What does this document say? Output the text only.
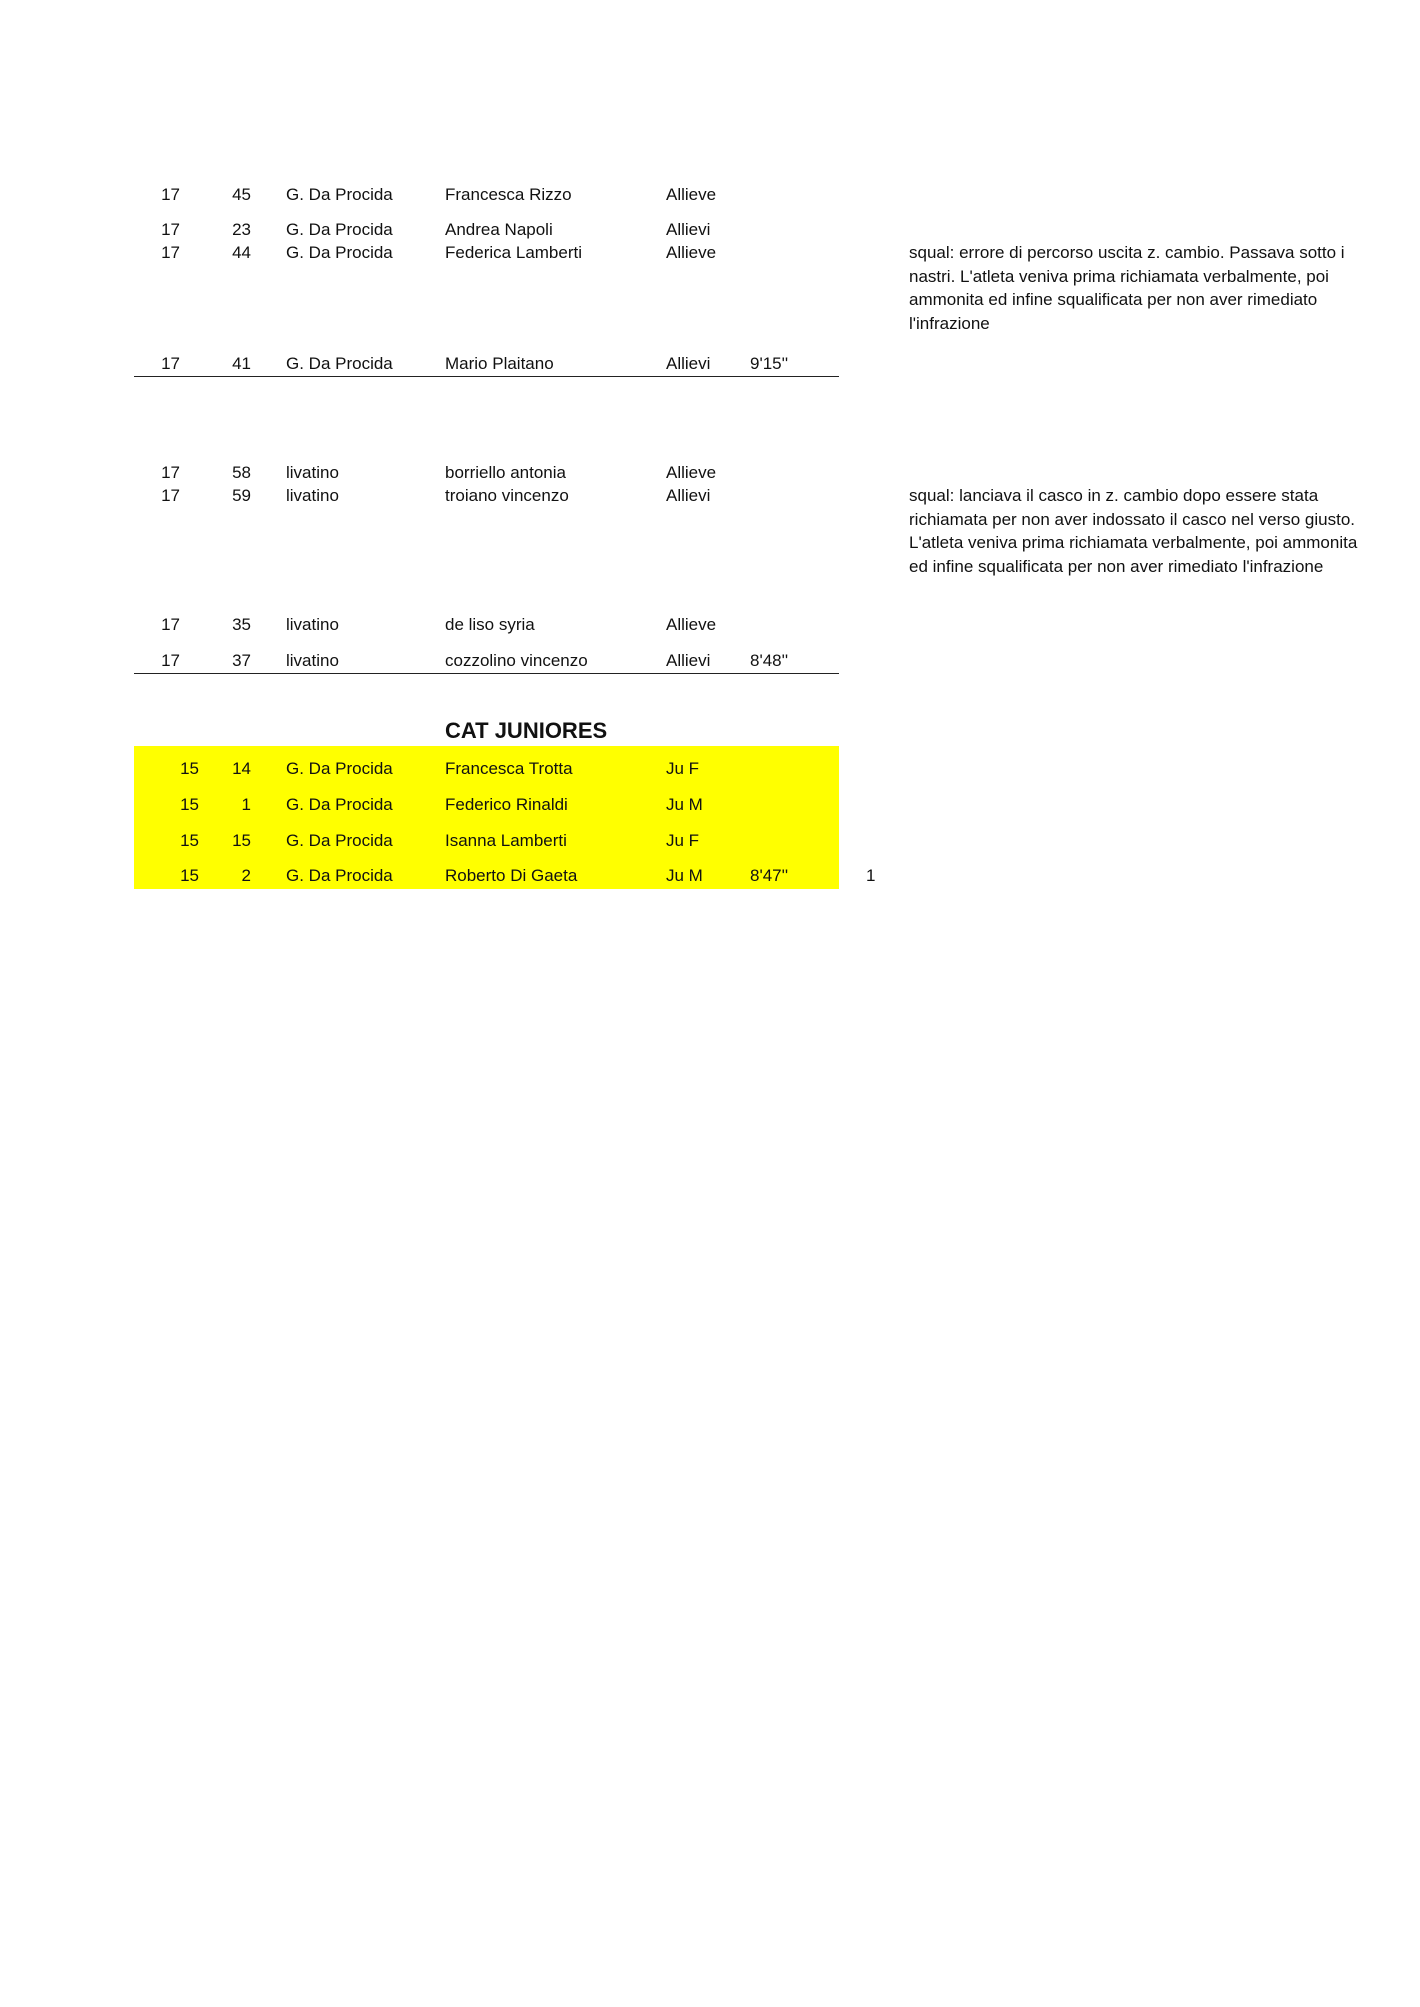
17	45 G. Da Procida	Francesca Rizzo	Allieve
17	23 G. Da Procida	Andrea Napoli	Allievi
17	44 G. Da Procida	Federica Lamberti	Allieve	squal: errore di percorso uscita z. cambio. Passava sotto i nastri. L'atleta veniva prima richiamata verbalmente, poi ammonita ed infine squalificata per non aver rimediato l'infrazione
17	41 G. Da Procida	Mario Plaitano	Allievi 9'15''
17	58 livatino	borriello antonia	Allieve
17	59 livatino	troiano vincenzo	Allievi	squal: lanciava il casco in z. cambio dopo essere stata richiamata per non aver indossato il casco nel verso giusto. L'atleta veniva prima richiamata verbalmente, poi ammonita ed infine squalificata per non aver rimediato l'infrazione
17	35 livatino	de liso syria	Allieve
17	37 livatino	cozzolino vincenzo	Allievi 8'48''
CAT JUNIORES
15	14 G. Da Procida	Francesca Trotta	Ju F
15	1 G. Da Procida	Federico Rinaldi	Ju M
15	15 G. Da Procida	Isanna Lamberti	Ju F
15	2 G. Da Procida	Roberto Di Gaeta	Ju M	8'47''	1
